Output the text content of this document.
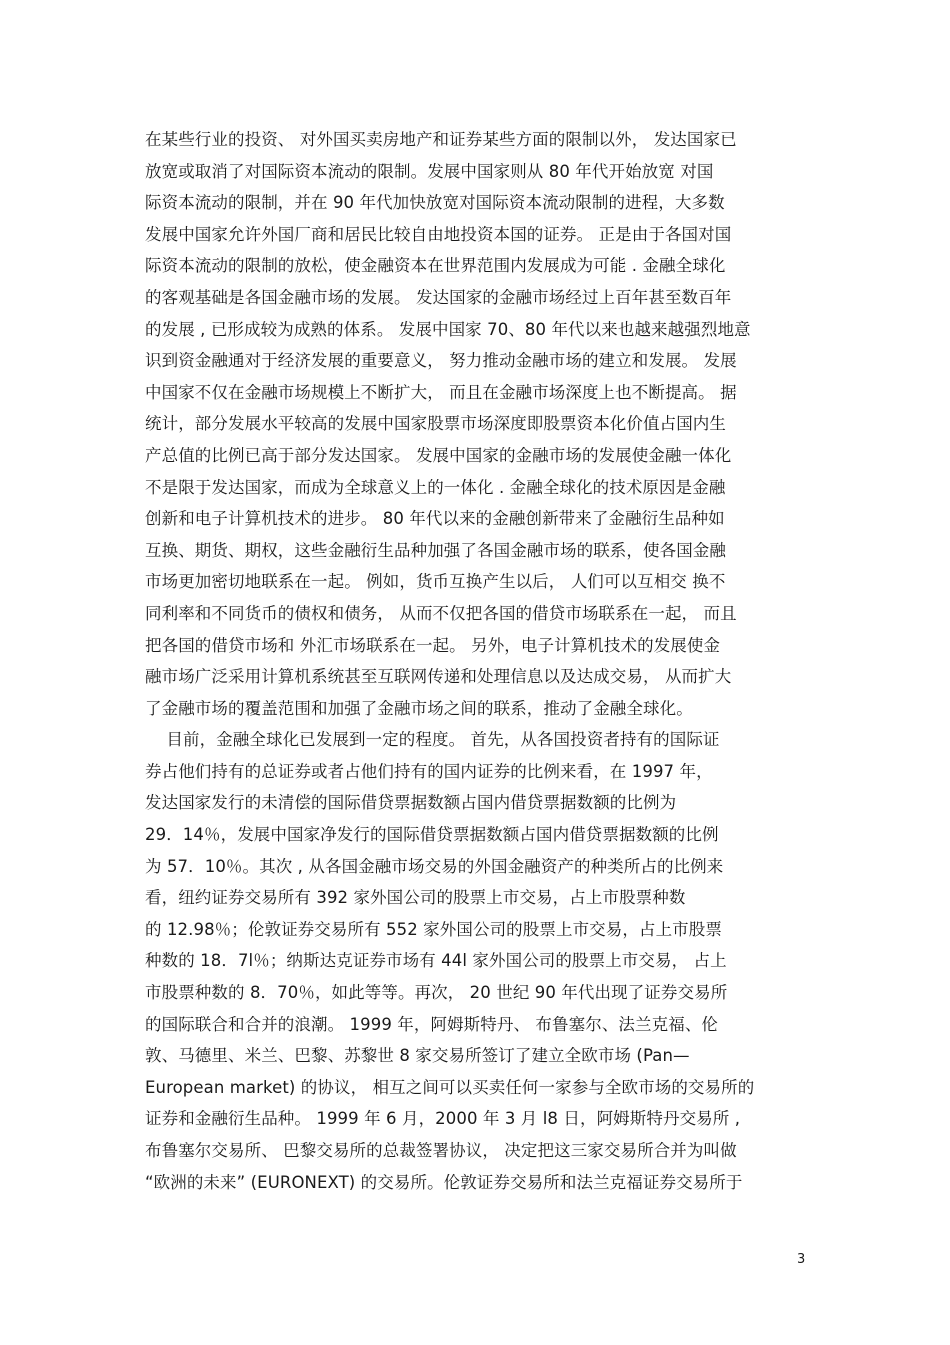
在某些行业的投资、 对外国买卖房地产和证券某些方面的限制以外， 发达国家已
放宽或取消了对国际资本流动的限制。发展中国家则从 80 年代开始放宽 对国
际资本流动的限制，并在 90 年代加快放宽对国际资本流动限制的进程，大多数
发展中国家允许外国厂商和居民比较自由地投资本国的证券。 正是由于各国对国
际资本流动的限制的放松，使金融资本在世界范围内发展成为可能 . 金融全球化
的客观基础是各国金融市场的发展。 发达国家的金融市场经过上百年甚至数百年
的发展 , 已形成较为成熟的体系。 发展中国家 70、80 年代以来也越来越强烈地意
识到资金融通对于经济发展的重要意义， 努力推动金融市场的建立和发展。 发展
中国家不仅在金融市场规模上不断扩大， 而且在金融市场深度上也不断提高。 据
统计，部分发展水平较高的发展中国家股票市场深度即股票资本化价值占国内生
产总值的比例已高于部分发达国家。 发展中国家的金融市场的发展使金融一体化
不是限于发达国家，而成为全球意义上的一体化 . 金融全球化的技术原因是金融
创新和电子计算机技术的进步。 80 年代以来的金融创新带来了金融衍生品种如
互换、期货、期权，这些金融衍生品种加强了各国金融市场的联系，使各国金融
市场更加密切地联系在一起。 例如，货币互换产生以后， 人们可以互相交 换不
同利率和不同货币的债权和债务， 从而不仅把各国的借贷市场联系在一起， 而且
把各国的借贷市场和 外汇市场联系在一起。 另外，电子计算机技术的发展使金
融市场广泛采用计算机系统甚至互联网传递和处理信息以及达成交易， 从而扩大
了金融市场的覆盖范围和加强了金融市场之间的联系，推动了金融全球化。
目前，金融全球化已发展到一定的程度。 首先，从各国投资者持有的国际证
券占他们持有的总证券或者占他们持有的国内证券的比例来看，在 1997 年，
发达国家发行的未清偿的国际借贷票据数额占国内借贷票据数额的比例为
29．14％，发展中国家净发行的国际借贷票据数额占国内借贷票据数额的比例
为 57．10％。其次 , 从各国金融市场交易的外国金融资产的种类所占的比例来
看，纽约证券交易所有 392 家外国公司的股票上市交易，占上市股票种数
的 12.98％；伦敦证券交易所有 552 家外国公司的股票上市交易，占上市股票
种数的 18．7l％；纳斯达克证券市场有 44l 家外国公司的股票上市交易， 占上
市股票种数的 8．70％，如此等等。再次， 20 世纪 90 年代出现了证券交易所
的国际联合和合并的浪潮。 1999 年，阿姆斯特丹、 布鲁塞尔、法兰克福、伦
敦、马德里、米兰、巴黎、苏黎世 8 家交易所签订了建立全欧市场 (Pan—
European market) 的协议， 相互之间可以买卖任何一家参与全欧市场的交易所的
证券和金融衍生品种。 1999 年 6 月，2000 年 3 月 l8 日，阿姆斯特丹交易所 ,
布鲁塞尔交易所、 巴黎交易所的总裁签署协议， 决定把这三家交易所合并为叫做
“欧洲的未来” (EURONEXT) 的交易所。伦敦证券交易所和法兰克福证券交易所于
3
